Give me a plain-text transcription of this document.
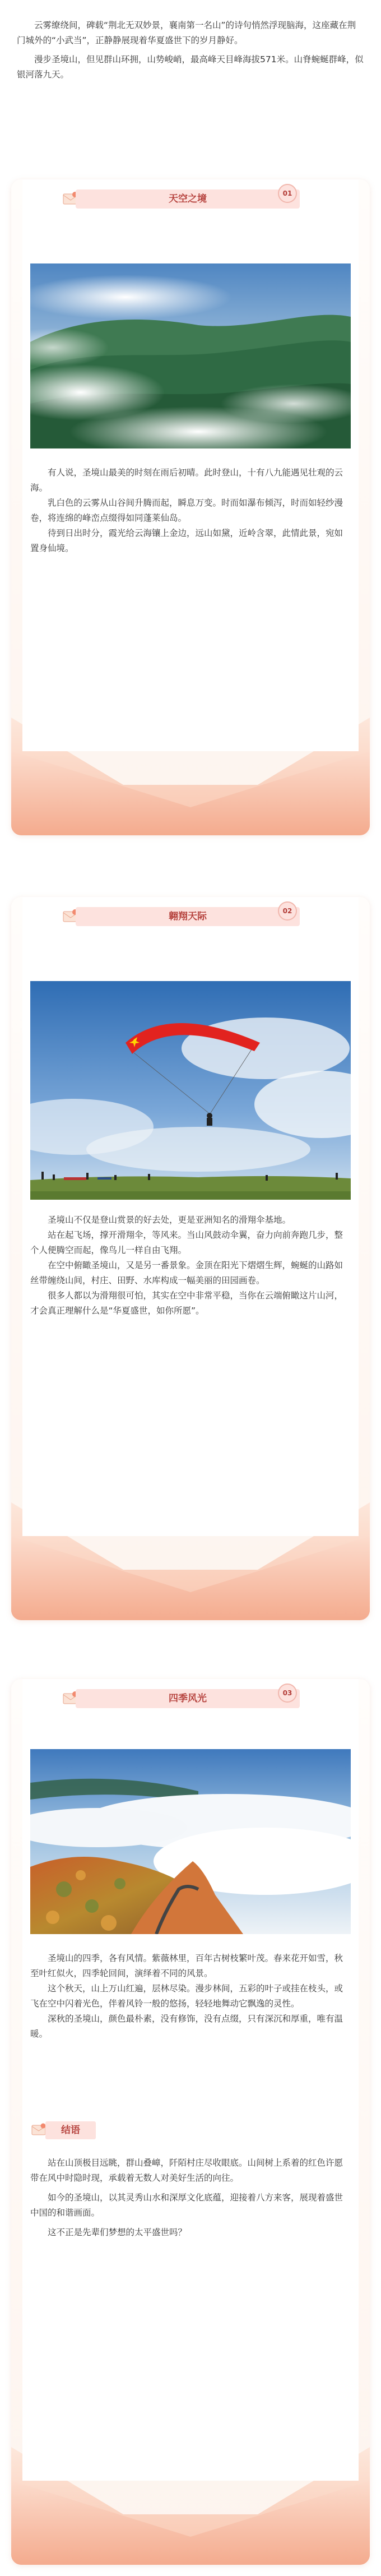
云雾缭绕间，碑载“荆北无双妙景，襄南第一名山”的诗句悄然浮现脑海，这座藏在荆门城外的“小武当”，正静静展现着华夏盛世下的岁月静好。

漫步圣境山，但见群山环拥，山势峻峭，最高峰天目峰海拔571米。山脊蜿蜒群峰，似银河落九天。

天空之境	01

有人说，圣境山最美的时刻在雨后初晴。此时登山，十有八九能遇见壮观的云海。

乳白色的云雾从山谷间升腾而起，瞬息万变。时而如瀑布倾泻，时而如轻纱漫卷，将连绵的峰峦点缀得如同蓬莱仙岛。

待到日出时分，霞光给云海镶上金边，远山如黛，近岭含翠，此情此景，宛如置身仙境。

翱翔天际	02

圣境山不仅是登山赏景的好去处，更是亚洲知名的滑翔伞基地。

站在起飞场，撑开滑翔伞，等风来。当山风鼓动伞翼，奋力向前奔跑几步，整个人便腾空而起，像鸟儿一样自由飞翔。

在空中俯瞰圣境山，又是另一番景象。金顶在阳光下熠熠生辉，蜿蜒的山路如丝带缠绕山间，村庄、田野、水库构成一幅美丽的田园画卷。

很多人都以为滑翔很可怕，其实在空中非常平稳，当你在云端俯瞰这片山河，才会真正理解什么是“华夏盛世，如你所愿”。

四季风光	03

圣境山的四季，各有风情。紫薇林里，百年古树枝繁叶茂。春来花开如雪，秋至叶红似火，四季轮回间，演绎着不同的风景。

这个秋天，山上万山红遍，层林尽染。漫步林间，五彩的叶子或挂在枝头，或飞在空中闪着光色，伴着风铃一般的悠扬，轻轻地舞动它飘逸的灵性。

深秋的圣境山，颜色最朴素，没有修饰，没有点缀，只有深沉和厚重，唯有温暖。

结语

站在山顶极目远眺，群山叠嶂，阡陌村庄尽收眼底。山间树上系着的红色许愿带在风中时隐时现，承载着无数人对美好生活的向往。

如今的圣境山，以其灵秀山水和深厚文化底蕴，迎接着八方来客，展现着盛世中国的和谐画面。

这不正是先辈们梦想的太平盛世吗？
